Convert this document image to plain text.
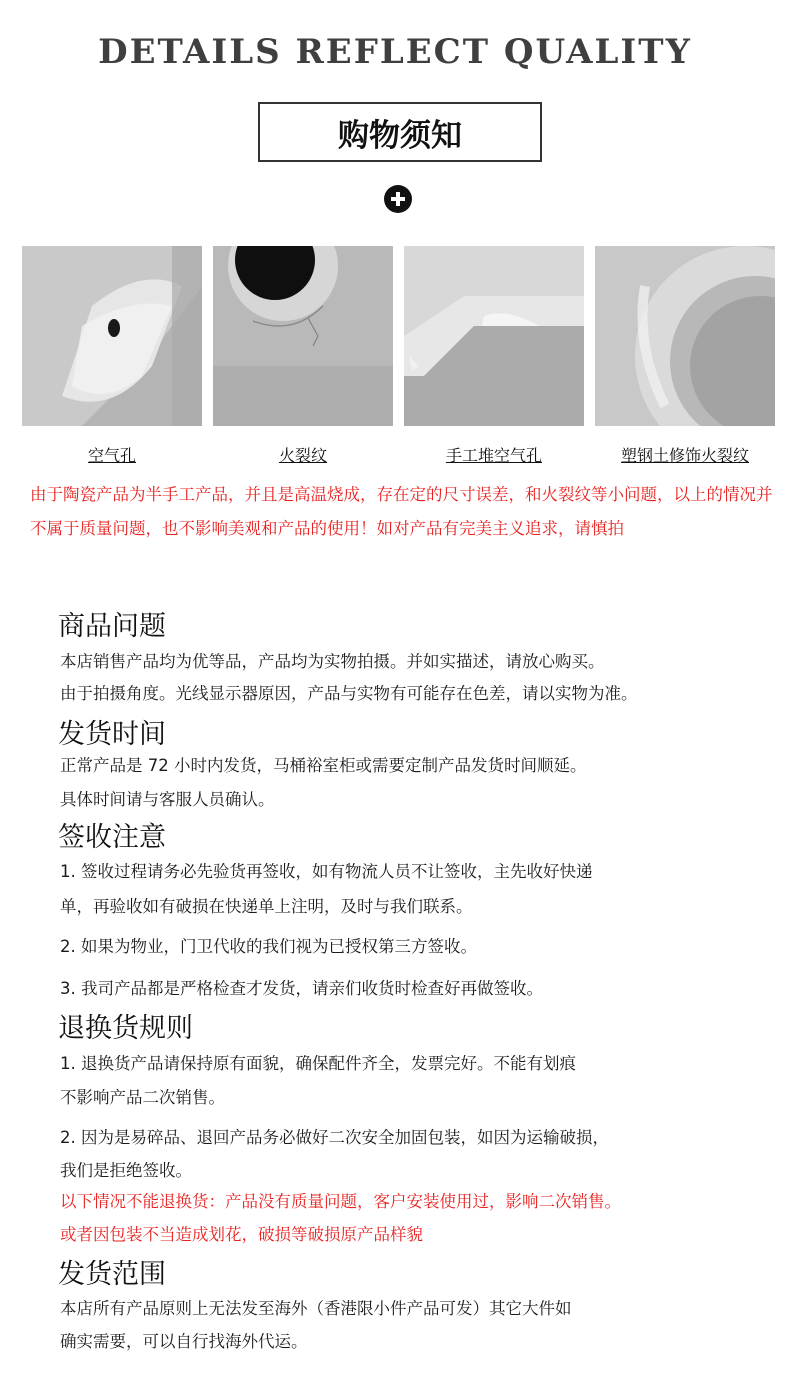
DETAILS REFLECT QUALITY
购物须知
空气孔	火裂纹	手工堆空气孔	塑钢土修饰火裂纹
由于陶瓷产品为半手工产品，并且是高温烧成，存在定的尺寸误差，和火裂纹等小问题，以上的情况并不属于质量问题，也不影响美观和产品的使用！如对产品有完美主义追求，请慎拍
商品问题
本店销售产品均为优等品，产品均为实物拍摄。并如实描述，请放心购买。
由于拍摄角度。光线显示器原因，产品与实物有可能存在色差，请以实物为准。
发货时间
正常产品是 72 小时内发货，马桶裕室柜或需要定制产品发货时间顺延。
具体时间请与客服人员确认。
签收注意
1. 签收过程请务必先验货再签收，如有物流人员不让签收，主先收好快递
单，再验收如有破损在快递单上注明，及时与我们联系。
2. 如果为物业，门卫代收的我们视为已授权第三方签收。
3. 我司产品都是严格检查才发货，请亲们收货时检查好再做签收。
退换货规则
1. 退换货产品请保持原有面貌，确保配件齐全，发票完好。不能有划痕
不影响产品二次销售。
2. 因为是易碎品、退回产品务必做好二次安全加固包装，如因为运输破损，
我们是拒绝签收。
以下情况不能退换货：产品没有质量问题，客户安装使用过，影响二次销售。
或者因包装不当造成划花，破损等破损原产品样貌
发货范围
本店所有产品原则上无法发至海外（香港限小件产品可发）其它大件如
确实需要，可以自行找海外代运。
